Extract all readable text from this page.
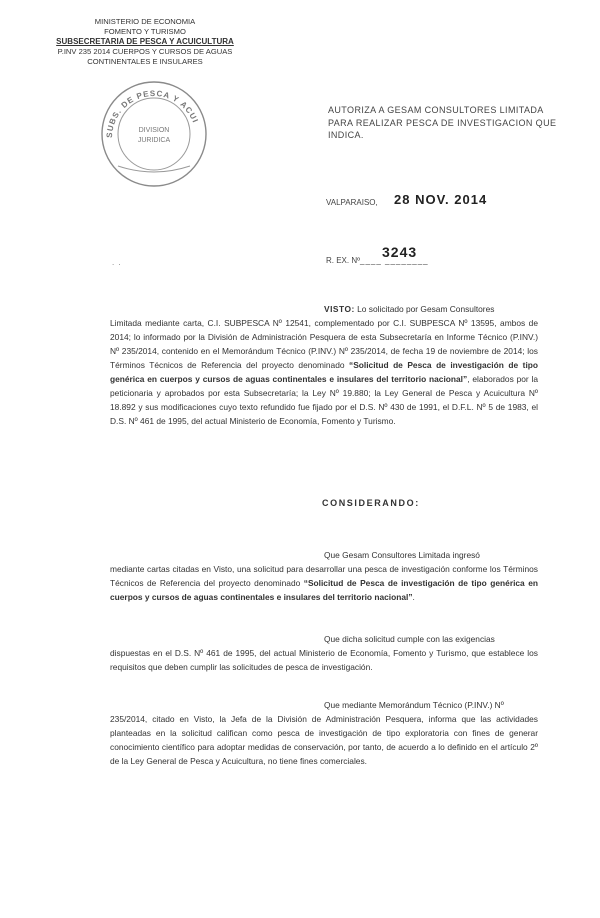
MINISTERIO DE ECONOMIA
FOMENTO Y TURISMO
SUBSECRETARIA DE PESCA Y ACUICULTURA
P.INV 235 2014 CUERPOS Y CURSOS DE AGUAS
CONTINENTALES E INSULARES
SUBS. DE PESCA Y ACUI
DIVISION
JURIDICA
AUTORIZA A GESAM CONSULTORES LIMITADA
PARA REALIZAR PESCA DE INVESTIGACION QUE
INDICA.
VALPARAISO, 28 NOV. 2014
R. EX. Nº ____ ________
3243
. .
VISTO: Lo solicitado por Gesam Consultores
Limitada mediante carta, C.I. SUBPESCA Nº 12541, complementado por C.I. SUBPESCA Nº 13595, ambos de 2014; lo informado por la División de Administración Pesquera de esta Subsecretaría en Informe Técnico (P.INV.) Nº 235/2014, contenido en el Memorándum Técnico (P.INV.) Nº 235/2014, de fecha 19 de noviembre de 2014; los Términos Técnicos de Referencia del proyecto denominado “Solicitud de Pesca de investigación de tipo genérica en cuerpos y cursos de aguas continentales e insulares del territorio nacional”, elaborados por la peticionaria y aprobados por esta Subsecretaría; la Ley Nº 19.880; la Ley General de Pesca y Acuicultura Nº 18.892 y sus modificaciones cuyo texto refundido fue fijado por el D.S. Nº 430 de 1991, el D.F.L. Nº 5 de 1983, el D.S. Nº 461 de 1995, del actual Ministerio de Economía, Fomento y Turismo.
CONSIDERANDO:
Que Gesam Consultores Limitada ingresó
mediante cartas citadas en Visto, una solicitud para desarrollar una pesca de investigación conforme los Términos Técnicos de Referencia del proyecto denominado “Solicitud de Pesca de investigación de tipo genérica en cuerpos y cursos de aguas continentales e insulares del territorio nacional”.
Que dicha solicitud cumple con las exigencias
dispuestas en el D.S. Nº 461 de 1995, del actual Ministerio de Economía, Fomento y Turismo, que establece los requisitos que deben cumplir las solicitudes de pesca de investigación.
Que mediante Memorándum Técnico (P.INV.) Nº
235/2014, citado en Visto, la Jefa de la División de Administración Pesquera, informa que las actividades planteadas en la solicitud califican como pesca de investigación de tipo exploratoria con fines de generar conocimiento científico para adoptar medidas de conservación, por tanto, de acuerdo a lo definido en el artículo 2º de la Ley General de Pesca y Acuicultura, no tiene fines comerciales.
